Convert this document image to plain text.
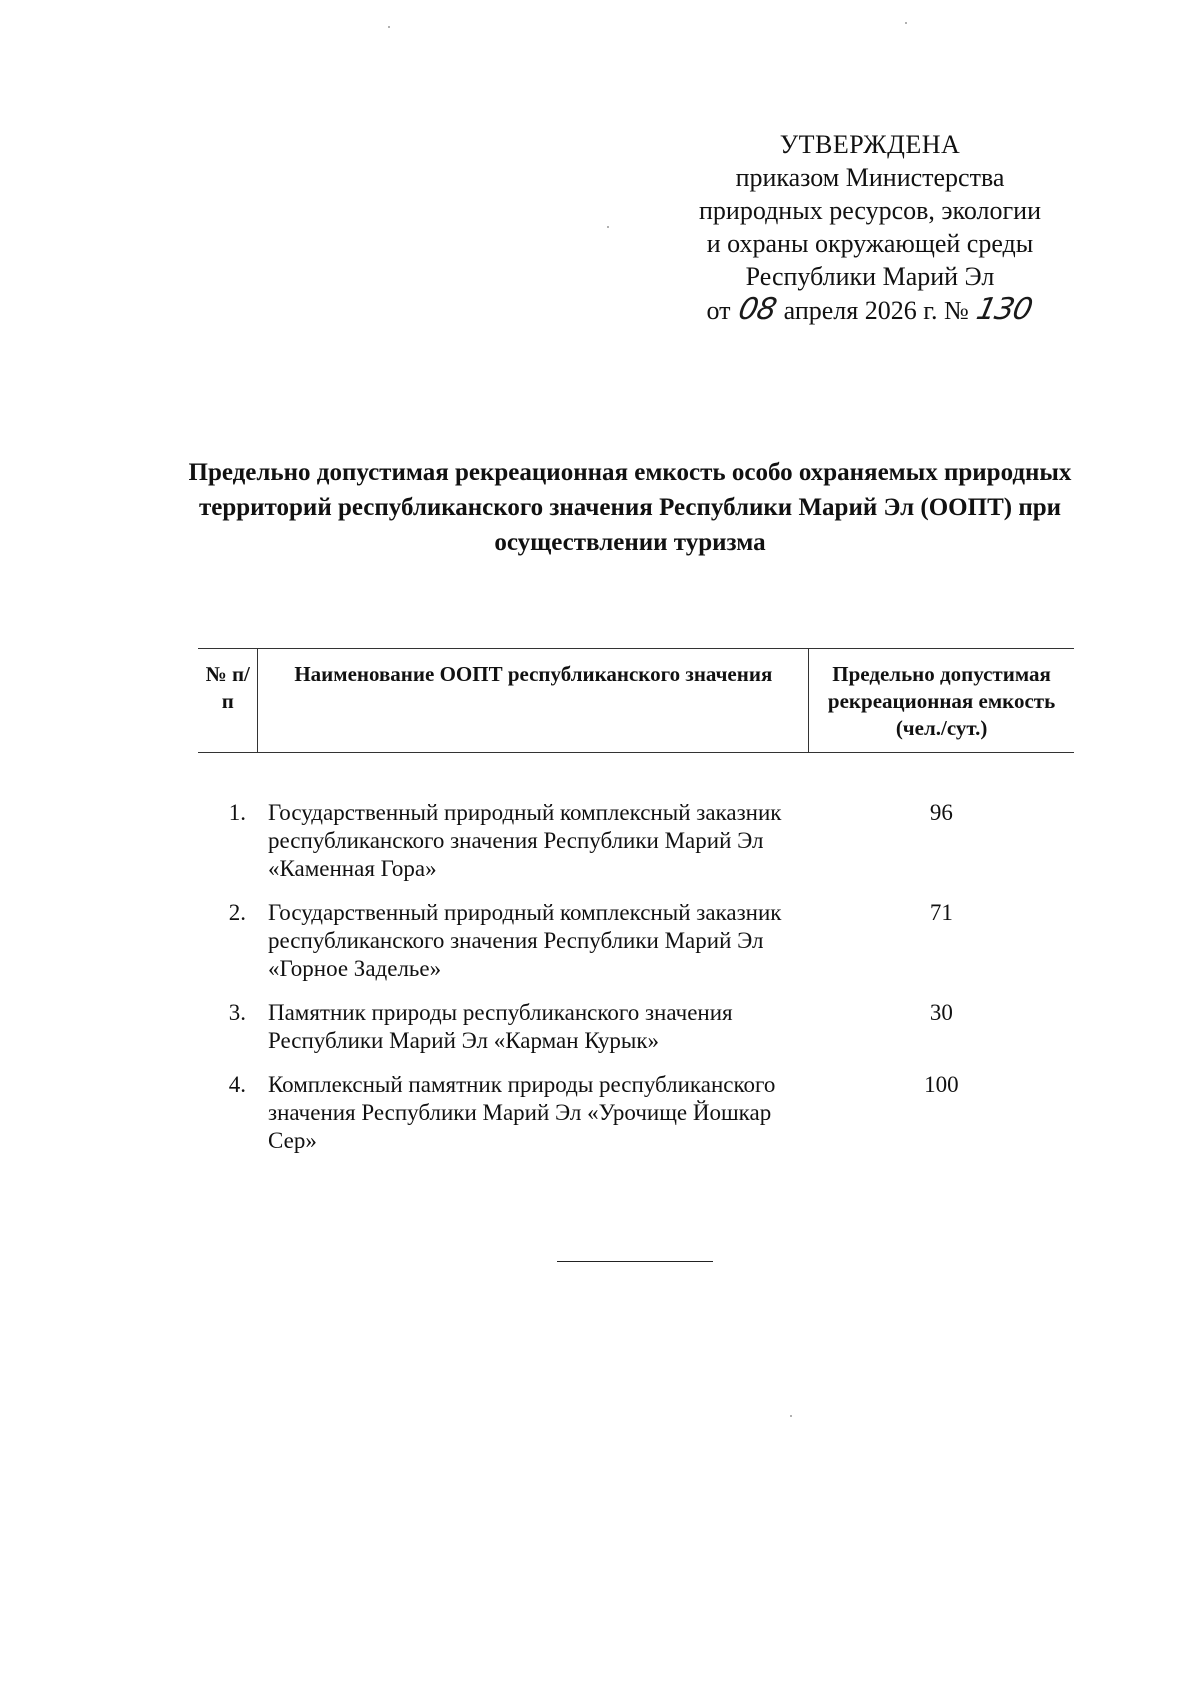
УТВЕРЖДЕНА
приказом Министерства
природных ресурсов, экологии
и охраны окружающей среды
Республики Марий Эл
от 08 апреля 2026 г. № 130
Предельно допустимая рекреационная емкость особо охраняемых природных территорий республиканского значения Республики Марий Эл (ООПТ) при осуществлении туризма
№ п/п	Наименование ООПТ республиканского значения	Предельно допустимая рекреационная емкость (чел./сут.)
1.	Государственный природный комплексный заказник республиканского значения Республики Марий Эл «Каменная Гора»	96
2.	Государственный природный комплексный заказник республиканского значения Республики Марий Эл «Горное Заделье»	71
3.	Памятник природы республиканского значения Республики Марий Эл «Карман Курык»	30
4.	Комплексный памятник природы республиканского значения Республики Марий Эл «Урочище Йошкар Сер»	100
